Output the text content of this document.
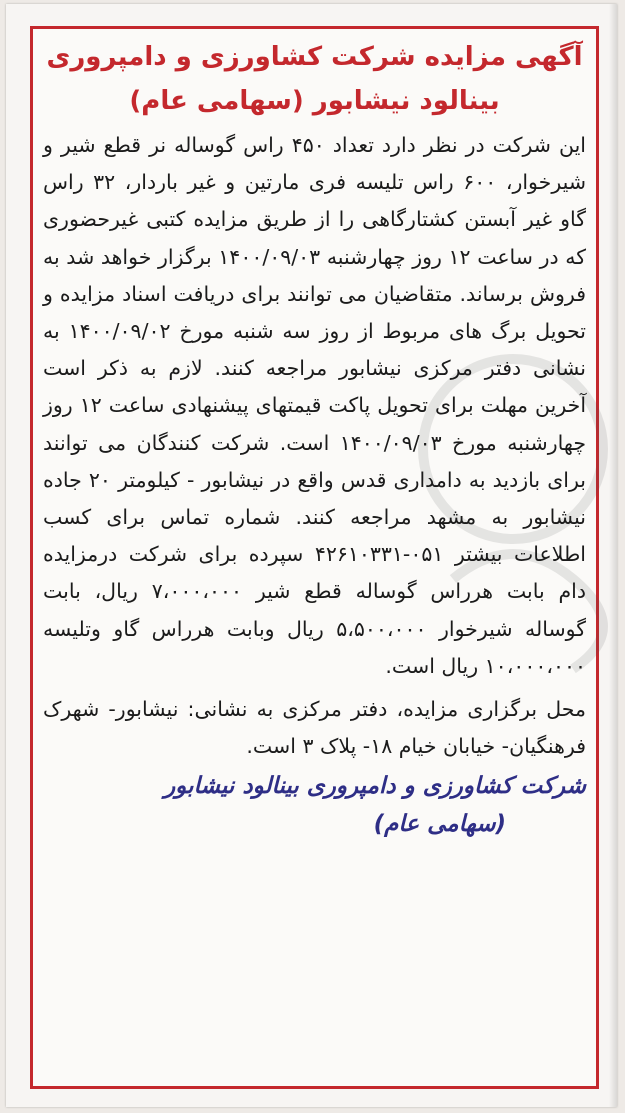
آگهی مزایده شرکت کشاورزی و دامپروری

بینالود نیشابور (سهامی عام)

این شرکت در نظر دارد تعداد ۴۵۰ راس گوساله نر قطع شیر و شیرخوار، ۶۰۰ راس تلیسه فری مارتین و غیر باردار، ۳۲ راس گاو غیر آبستن کشتارگاهی را از طریق مزایده کتبی غیرحضوری که در ساعت ۱۲ روز چهارشنبه ۱۴۰۰/۰۹/۰۳ برگزار خواهد شد به فروش برساند. متقاضیان می توانند برای دریافت اسناد مزایده و تحویل برگ های مربوط از روز سه شنبه مورخ ۱۴۰۰/۰۹/۰۲ به نشانی دفتر مرکزی نیشابور مراجعه کنند. لازم به ذکر است آخرین مهلت برای تحویل پاکت قیمتهای پیشنهادی ساعت ۱۲ روز چهارشنبه مورخ ۱۴۰۰/۰۹/۰۳ است. شرکت کنندگان می توانند برای بازدید به دامداری قدس واقع در نیشابور - کیلومتر ۲۰ جاده نیشابور به مشهد مراجعه کنند. شماره تماس برای کسب اطلاعات بیشتر ۰۵۱-۴۲۶۱۰۳۳۱ سپرده برای شرکت درمزایده دام بابت هرراس گوساله قطع شیر ۷،۰۰۰،۰۰۰ ریال، بابت گوساله شیرخوار ۵،۵۰۰،۰۰۰ ریال وبابت هرراس گاو وتلیسه ۱۰،۰۰۰،۰۰۰ ریال است.

محل برگزاری مزایده، دفتر مرکزی به نشانی: نیشابور- شهرک فرهنگیان- خیابان خیام ۱۸- پلاک ۳ است.

شرکت کشاورزی و دامپروری بینالود نیشابور

(سهامی عام)
